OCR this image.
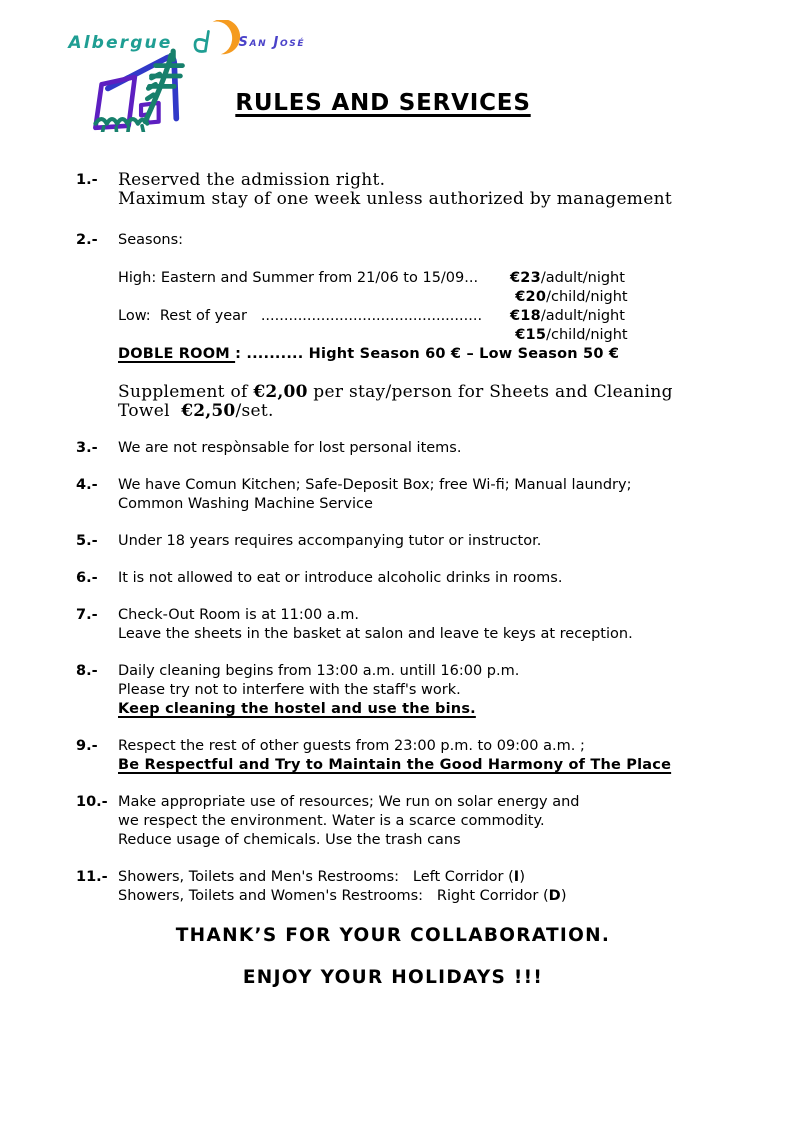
Albergue	San José
RULES AND SERVICES
1.-	Reserved the admission right.
Maximum stay of one week unless authorized by management
2.-	Seasons:

High: Eastern and Summer from 21/06 to 15/09... €23/adult/night
€20/child/night
Low:  Rest of year   ................................................ €18/adult/night
€15/child/night
DOBLE ROOM : .......... Hight Season 60 € – Low Season 50 €

Supplement of €2,00 per stay/person for Sheets and Cleaning
Towel  €2,50/set.
3.-	We are not respònsable for lost personal items.
4.-	We have Comun Kitchen; Safe-Deposit Box; free Wi-fi; Manual laundry;
Common Washing Machine Service
5.-	Under 18 years requires accompanying tutor or instructor.
6.-	It is not allowed to eat or introduce alcoholic drinks in rooms.
7.-	Check-Out Room is at 11:00 a.m.
Leave the sheets in the basket at salon and leave te keys at reception.
8.-	Daily cleaning begins from 13:00 a.m. untill 16:00 p.m.
Please try not to interfere with the staff's work.
Keep cleaning the hostel and use the bins.
9.-	Respect the rest of other guests from 23:00 p.m. to 09:00 a.m. ;
Be Respectful and Try to Maintain the Good Harmony of The Place
10.- Make appropriate use of resources; We run on solar energy and
we respect the environment. Water is a scarce commodity.
Reduce usage of chemicals. Use the trash cans
11.- Showers, Toilets and Men's Restrooms:   Left Corridor (I)
Showers, Toilets and Women's Restrooms:   Right Corridor (D)

THANK’S FOR YOUR COLLABORATION.

ENJOY YOUR HOLIDAYS !!!
